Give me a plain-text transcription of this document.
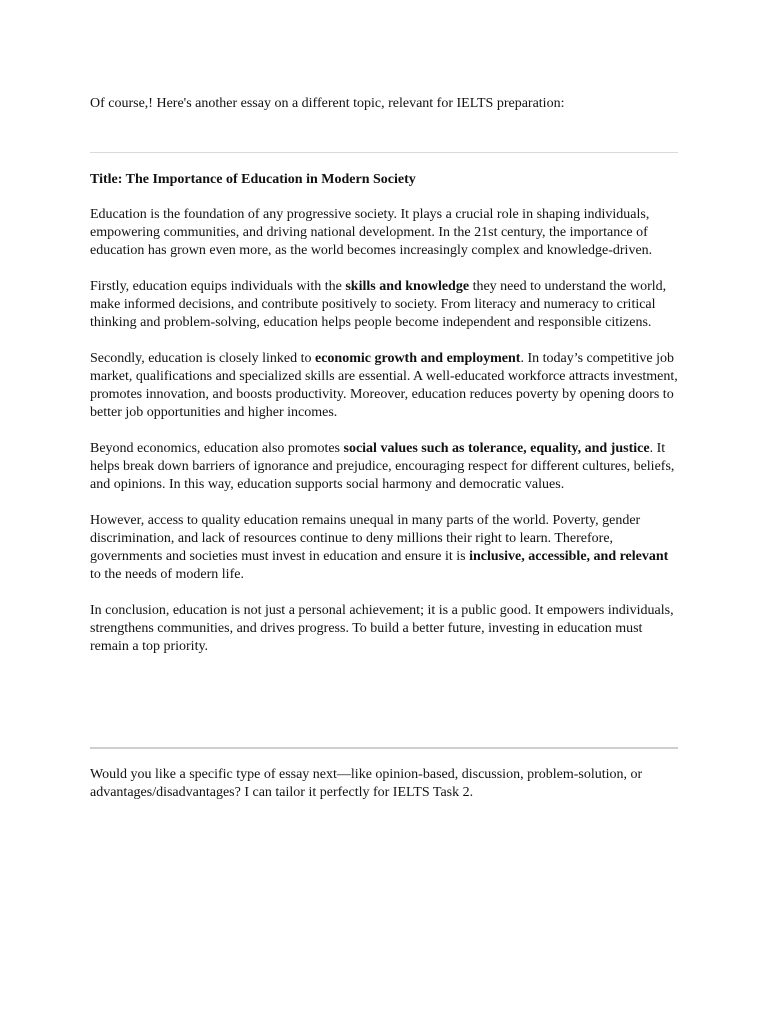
Of course,! Here's another essay on a different topic, relevant for IELTS preparation:

Title: The Importance of Education in Modern Society

Education is the foundation of any progressive society. It plays a crucial role in shaping individuals, empowering communities, and driving national development. In the 21st century, the importance of education has grown even more, as the world becomes increasingly complex and knowledge-driven.

Firstly, education equips individuals with the skills and knowledge they need to understand the world, make informed decisions, and contribute positively to society. From literacy and numeracy to critical thinking and problem-solving, education helps people become independent and responsible citizens.

Secondly, education is closely linked to economic growth and employment. In today’s competitive job market, qualifications and specialized skills are essential. A well-educated workforce attracts investment, promotes innovation, and boosts productivity. Moreover, education reduces poverty by opening doors to better job opportunities and higher incomes.

Beyond economics, education also promotes social values such as tolerance, equality, and justice. It helps break down barriers of ignorance and prejudice, encouraging respect for different cultures, beliefs, and opinions. In this way, education supports social harmony and democratic values.

However, access to quality education remains unequal in many parts of the world. Poverty, gender discrimination, and lack of resources continue to deny millions their right to learn. Therefore, governments and societies must invest in education and ensure it is inclusive, accessible, and relevant to the needs of modern life.

In conclusion, education is not just a personal achievement; it is a public good. It empowers individuals, strengthens communities, and drives progress. To build a better future, investing in education must remain a top priority.

Would you like a specific type of essay next—like opinion-based, discussion, problem-solution, or advantages/disadvantages? I can tailor it perfectly for IELTS Task 2.
